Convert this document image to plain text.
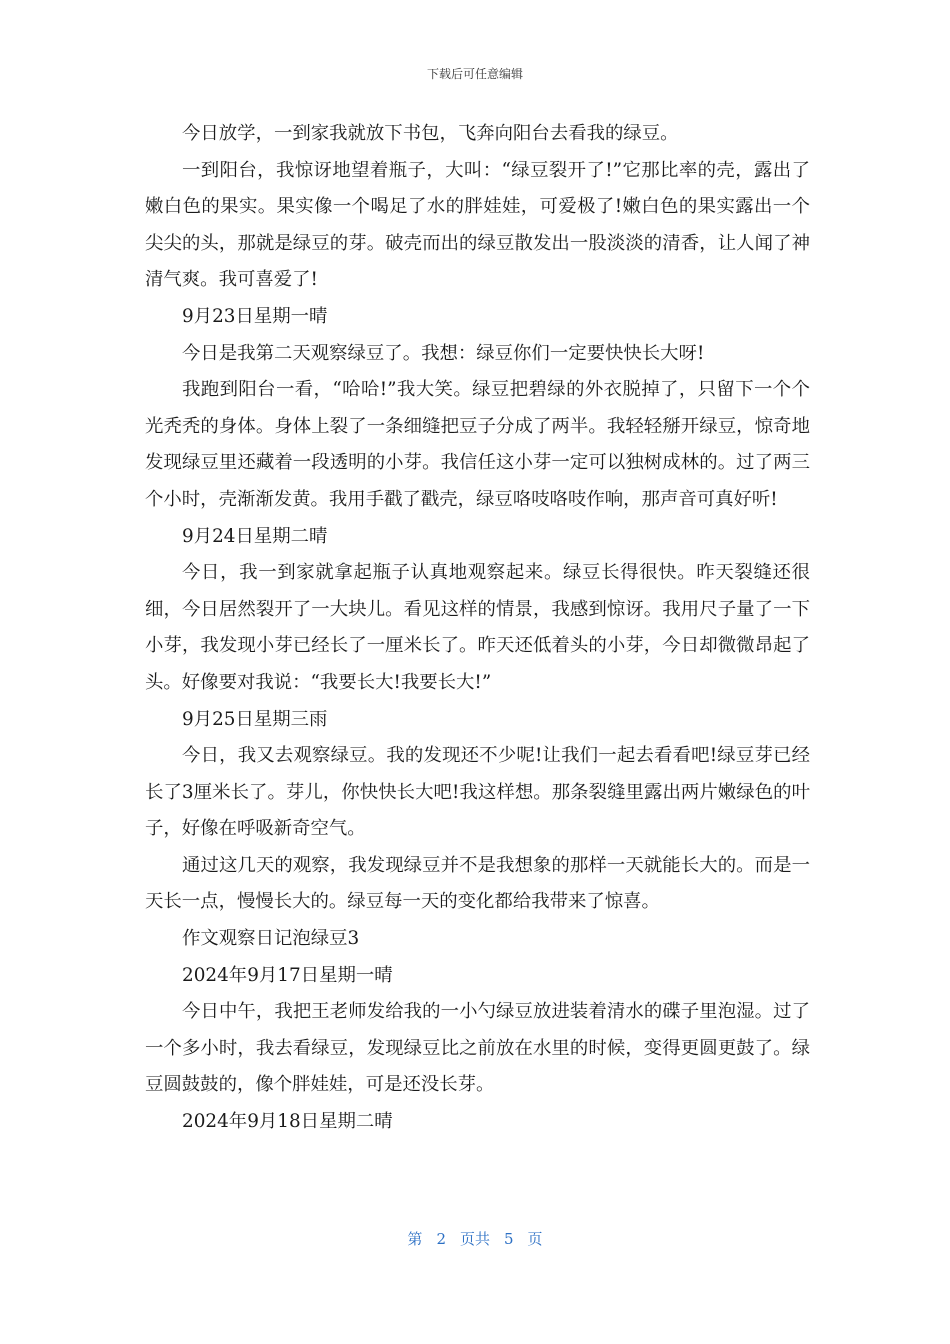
下载后可任意编辑

今日放学，一到家我就放下书包，飞奔向阳台去看我的绿豆。

一到阳台，我惊讶地望着瓶子，大叫：“绿豆裂开了!”它那比率的壳，露出了嫩白色的果实。果实像一个喝足了水的胖娃娃，可爱极了!嫩白色的果实露出一个尖尖的头，那就是绿豆的芽。破壳而出的绿豆散发出一股淡淡的清香，让人闻了神清气爽。我可喜爱了!

9月23日星期一晴

今日是我第二天观察绿豆了。我想：绿豆你们一定要快快长大呀!

我跑到阳台一看，“哈哈!”我大笑。绿豆把碧绿的外衣脱掉了，只留下一个个光秃秃的身体。身体上裂了一条细缝把豆子分成了两半。我轻轻掰开绿豆，惊奇地发现绿豆里还藏着一段透明的小芽。我信任这小芽一定可以独树成林的。过了两三个小时，壳渐渐发黄。我用手戳了戳壳，绿豆咯吱咯吱作响，那声音可真好听!

9月24日星期二晴

今日，我一到家就拿起瓶子认真地观察起来。绿豆长得很快。昨天裂缝还很细，今日居然裂开了一大块儿。看见这样的情景，我感到惊讶。我用尺子量了一下小芽，我发现小芽已经长了一厘米长了。昨天还低着头的小芽，今日却微微昂起了头。好像要对我说：“我要长大!我要长大!”

9月25日星期三雨

今日，我又去观察绿豆。我的发现还不少呢!让我们一起去看看吧!绿豆芽已经长了3厘米长了。芽儿，你快快长大吧!我这样想。那条裂缝里露出两片嫩绿色的叶子，好像在呼吸新奇空气。

通过这几天的观察，我发现绿豆并不是我想象的那样一天就能长大的。而是一天长一点，慢慢长大的。绿豆每一天的变化都给我带来了惊喜。

作文观察日记泡绿豆3

2024年9月17日星期一晴

今日中午，我把王老师发给我的一小勺绿豆放进装着清水的碟子里泡湿。过了一个多小时，我去看绿豆，发现绿豆比之前放在水里的时候，变得更圆更鼓了。绿豆圆鼓鼓的，像个胖娃娃，可是还没长芽。

2024年9月18日星期二晴

第 2 页共 5 页
